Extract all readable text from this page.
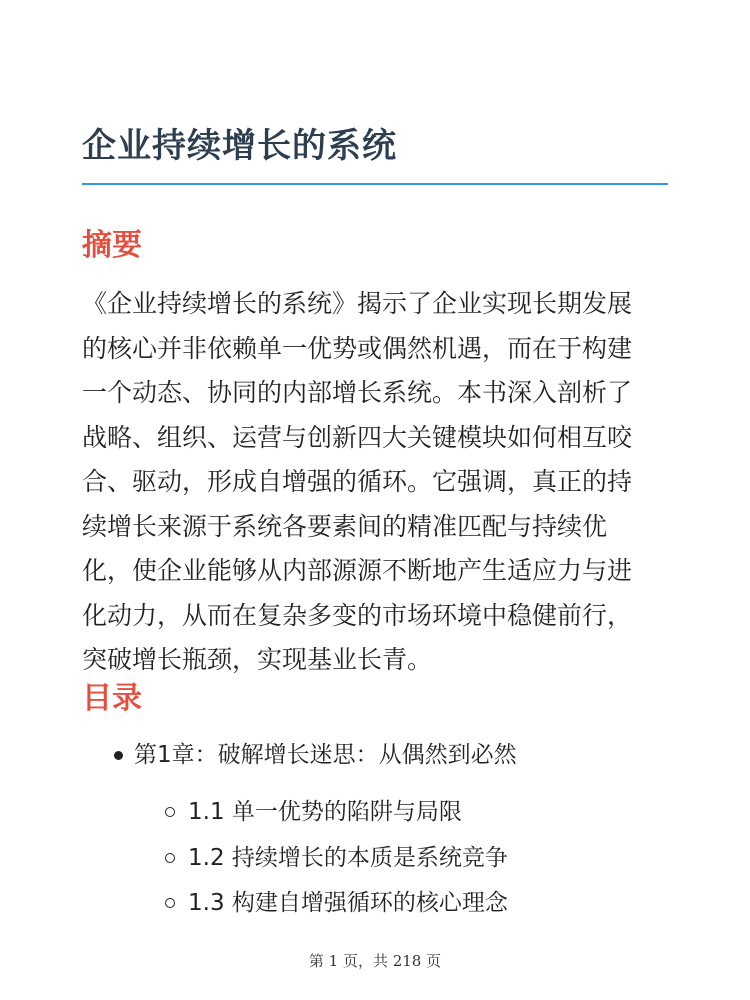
企业持续增长的系统
摘要
《企业持续增长的系统》揭示了企业实现长期发展
的核心并非依赖单一优势或偶然机遇，而在于构建
一个动态、协同的内部增长系统。本书深入剖析了
战略、组织、运营与创新四大关键模块如何相互咬
合、驱动，形成自增强的循环。它强调，真正的持
续增长来源于系统各要素间的精准匹配与持续优
化，使企业能够从内部源源不断地产生适应力与进
化动力，从而在复杂多变的市场环境中稳健前行，
突破增长瓶颈，实现基业长青。
目录
第1章：破解增长迷思：从偶然到必然
1.1 单一优势的陷阱与局限
1.2 持续增长的本质是系统竞争
1.3 构建自增强循环的核心理念
第 1 页，共 218 页
